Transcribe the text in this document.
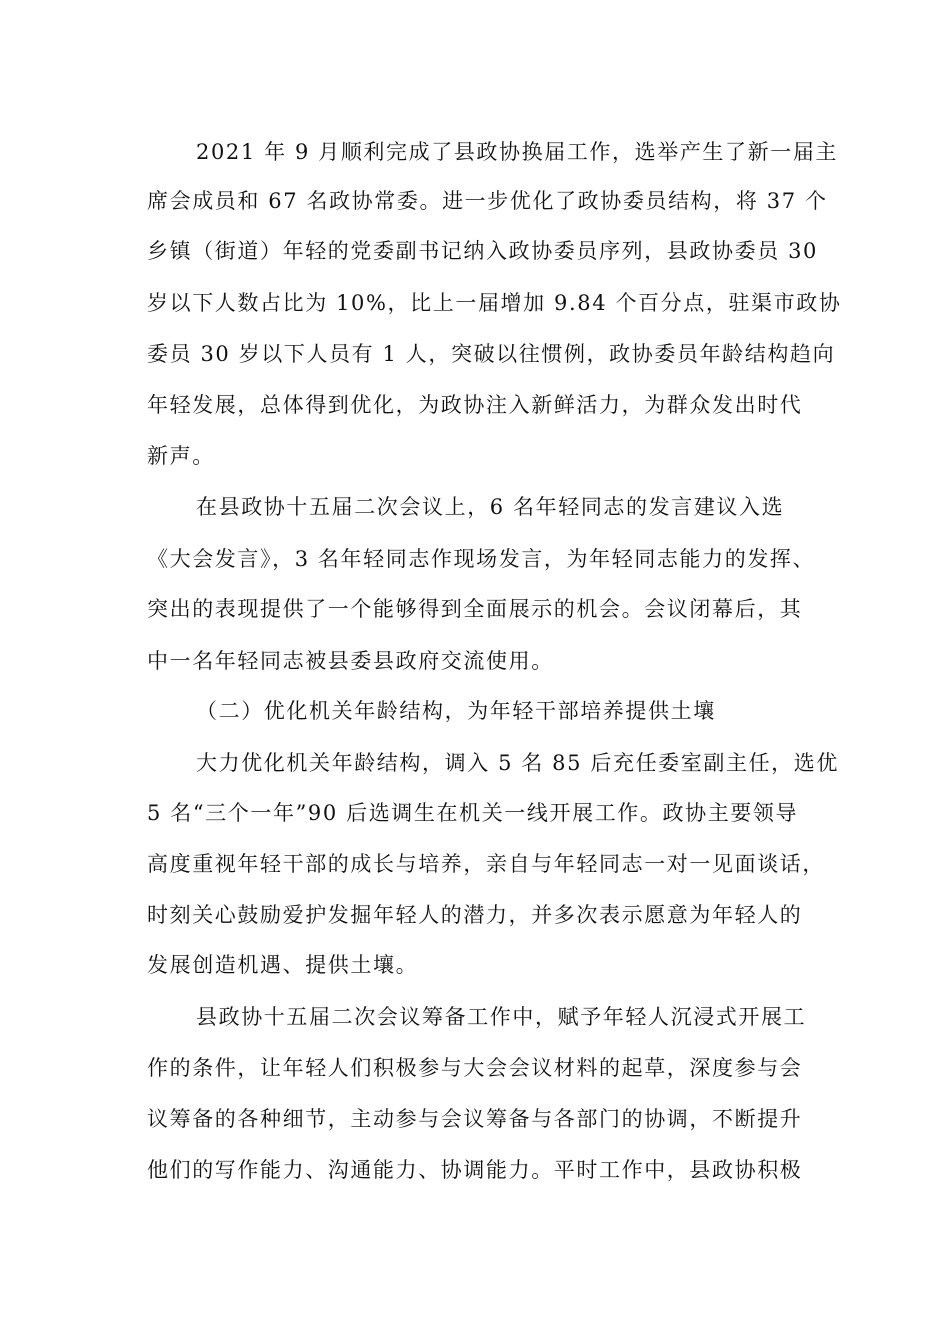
2021 年 9 月顺利完成了县政协换届工作，选举产生了新一届主
席会成员和 67 名政协常委。进一步优化了政协委员结构，将 37 个
乡镇（街道）年轻的党委副书记纳入政协委员序列，县政协委员 30
岁以下人数占比为 10%，比上一届增加 9.84 个百分点，驻渠市政协
委员 30 岁以下人员有 1 人，突破以往惯例，政协委员年龄结构趋向
年轻发展，总体得到优化，为政协注入新鲜活力，为群众发出时代
新声。
在县政协十五届二次会议上，6 名年轻同志的发言建议入选
《大会发言》，3 名年轻同志作现场发言，为年轻同志能力的发挥、
突出的表现提供了一个能够得到全面展示的机会。会议闭幕后，其
中一名年轻同志被县委县政府交流使用。
（二）优化机关年龄结构，为年轻干部培养提供土壤
大力优化机关年龄结构，调入 5 名 85 后充任委室副主任，选优
5 名“三个一年”90 后选调生在机关一线开展工作。政协主要领导
高度重视年轻干部的成长与培养，亲自与年轻同志一对一见面谈话，
时刻关心鼓励爱护发掘年轻人的潜力，并多次表示愿意为年轻人的
发展创造机遇、提供土壤。
县政协十五届二次会议筹备工作中，赋予年轻人沉浸式开展工
作的条件，让年轻人们积极参与大会会议材料的起草，深度参与会
议筹备的各种细节，主动参与会议筹备与各部门的协调，不断提升
他们的写作能力、沟通能力、协调能力。平时工作中，县政协积极
